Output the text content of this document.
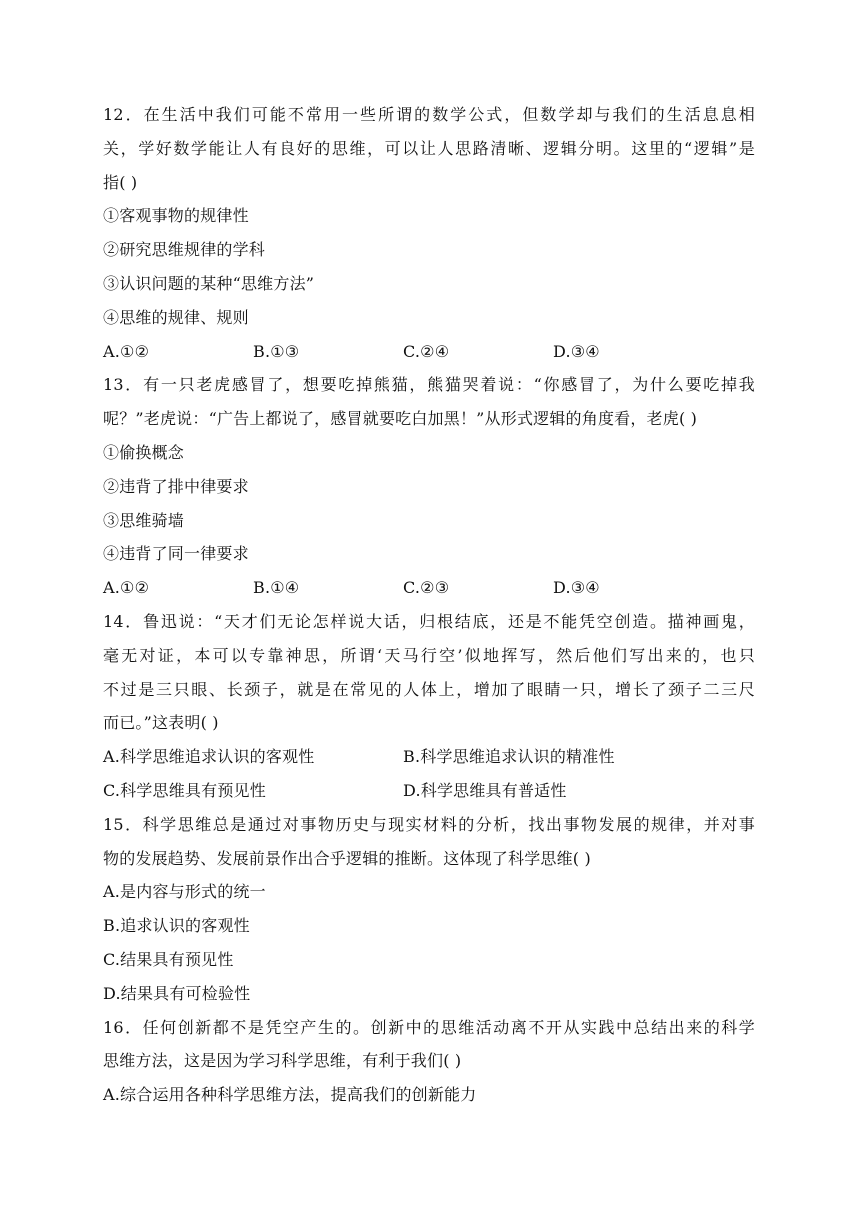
12．在生活中我们可能不常用一些所谓的数学公式，但数学却与我们的生活息息相
关，学好数学能让人有良好的思维，可以让人思路清晰、逻辑分明。这里的“逻辑”是
指( )
①客观事物的规律性
②研究思维规律的学科
③认识问题的某种“思维方法”
④思维的规律、规则
A.①②	B.①③	C.②④	D.③④
13．有一只老虎感冒了，想要吃掉熊猫，熊猫哭着说：“你感冒了，为什么要吃掉我
呢？”老虎说：“广告上都说了，感冒就要吃白加黑！”从形式逻辑的角度看，老虎( )
①偷换概念
②违背了排中律要求
③思维骑墙
④违背了同一律要求
A.①②	B.①④	C.②③	D.③④
14．鲁迅说：“天才们无论怎样说大话，归根结底，还是不能凭空创造。描神画鬼，
毫无对证，本可以专靠神思，所谓‘天马行空’似地挥写，然后他们写出来的，也只
不过是三只眼、长颈子，就是在常见的人体上，增加了眼睛一只，增长了颈子二三尺
而已。”这表明( )
A.科学思维追求认识的客观性	B.科学思维追求认识的精准性
C.科学思维具有预见性	D.科学思维具有普适性
15．科学思维总是通过对事物历史与现实材料的分析，找出事物发展的规律，并对事
物的发展趋势、发展前景作出合乎逻辑的推断。这体现了科学思维( )
A.是内容与形式的统一
B.追求认识的客观性
C.结果具有预见性
D.结果具有可检验性
16．任何创新都不是凭空产生的。创新中的思维活动离不开从实践中总结出来的科学
思维方法，这是因为学习科学思维，有利于我们( )
A.综合运用各种科学思维方法，提高我们的创新能力
